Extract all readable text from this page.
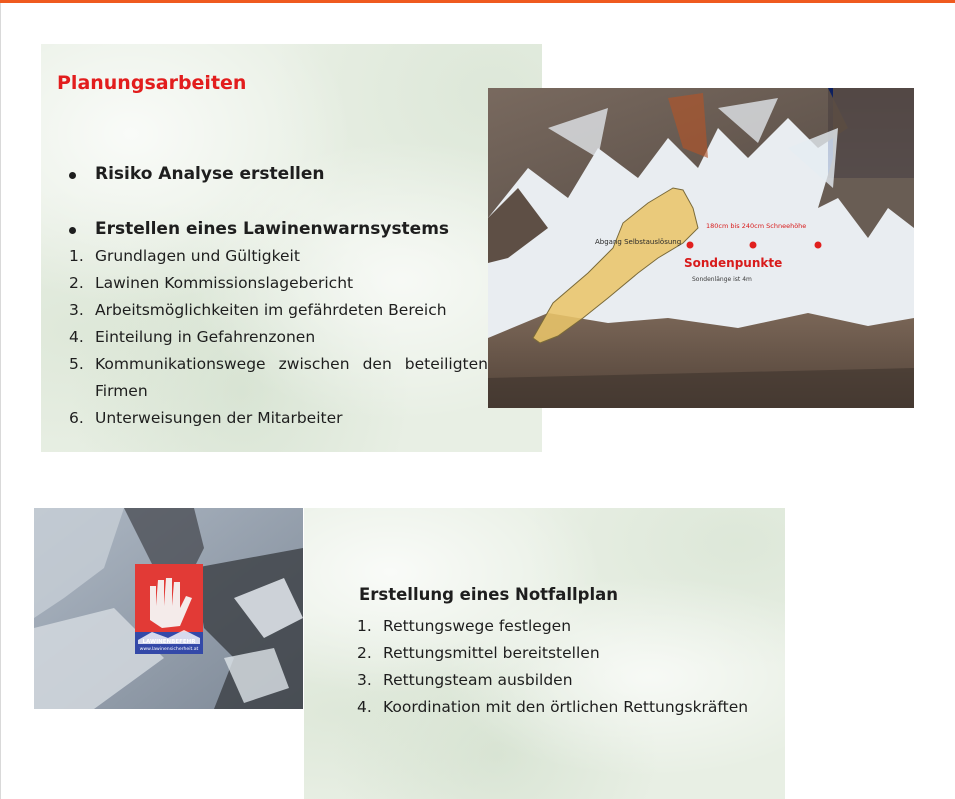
Planungsarbeiten
Risiko Analyse erstellen
Erstellen eines Lawinenwarnsystems
1. Grundlagen und Gültigkeit
2. Lawinen Kommissionslagebericht
3. Arbeitsmöglichkeiten im gefährdeten Bereich
4. Einteilung in Gefahrenzonen
5. Kommunikationswege zwischen den beteiligten Firmen
6. Unterweisungen der Mitarbeiter
Abgang Selbstauslösung
180cm bis 240cm Schneehöhe
Sondenpunkte
Sondenlänge ist 4m
LAWINENBEFEHR
www.lawinensicherheit.at
Erstellung eines Notfallplan
1. Rettungswege festlegen
2. Rettungsmittel bereitstellen
3. Rettungsteam ausbilden
4. Koordination mit den örtlichen Rettungskräften
